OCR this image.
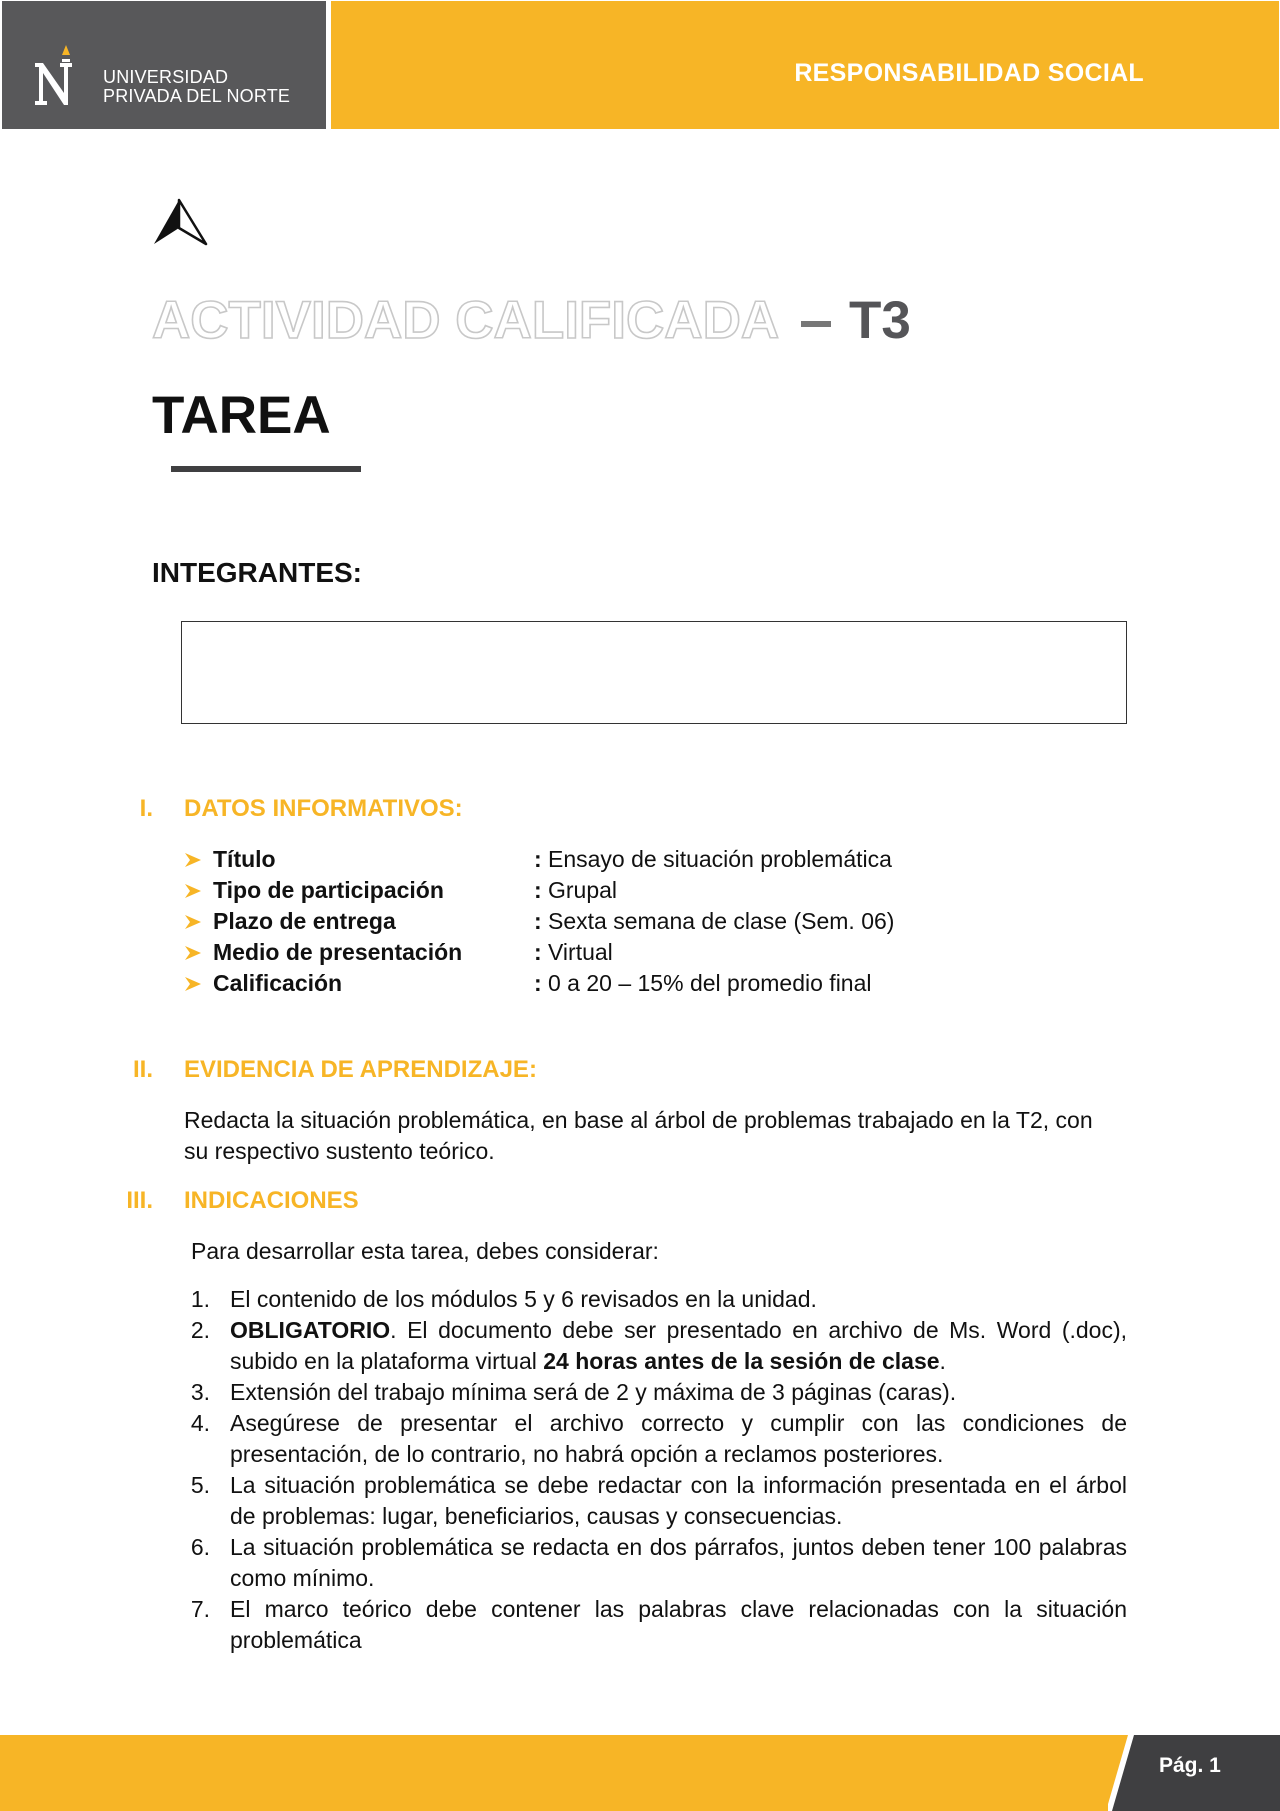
UNIVERSIDAD
PRIVADA DEL NORTE
RESPONSABILIDAD SOCIAL
ACTIVIDAD CALIFICADA	T3
TAREA
INTEGRANTES:
I. DATOS INFORMATIVOS:
Título	: Ensayo de situación problemática
Tipo de participación	: Grupal
Plazo de entrega	: Sexta semana de clase (Sem. 06)
Medio de presentación	: Virtual
Calificación	: 0 a 20 – 15% del promedio final
II. EVIDENCIA DE APRENDIZAJE:
Redacta la situación problemática, en base al árbol de problemas trabajado en la T2, con
su respectivo sustento teórico.
III. INDICACIONES
Para desarrollar esta tarea, debes considerar:
1. El contenido de los módulos 5 y 6 revisados en la unidad.
2. OBLIGATORIO. El documento debe ser presentado en archivo de Ms. Word (.doc), subido en la plataforma virtual 24 horas antes de la sesión de clase.
3. Extensión del trabajo mínima será de 2 y máxima de 3 páginas (caras).
4. Asegúrese de presentar el archivo correcto y cumplir con las condiciones de presentación, de lo contrario, no habrá opción a reclamos posteriores.
5. La situación problemática se debe redactar con la información presentada en el árbol de problemas: lugar, beneficiarios, causas y consecuencias.
6. La situación problemática se redacta en dos párrafos, juntos deben tener 100 palabras como mínimo.
7. El marco teórico debe contener las palabras clave relacionadas con la situación problemática
Pág. 1
